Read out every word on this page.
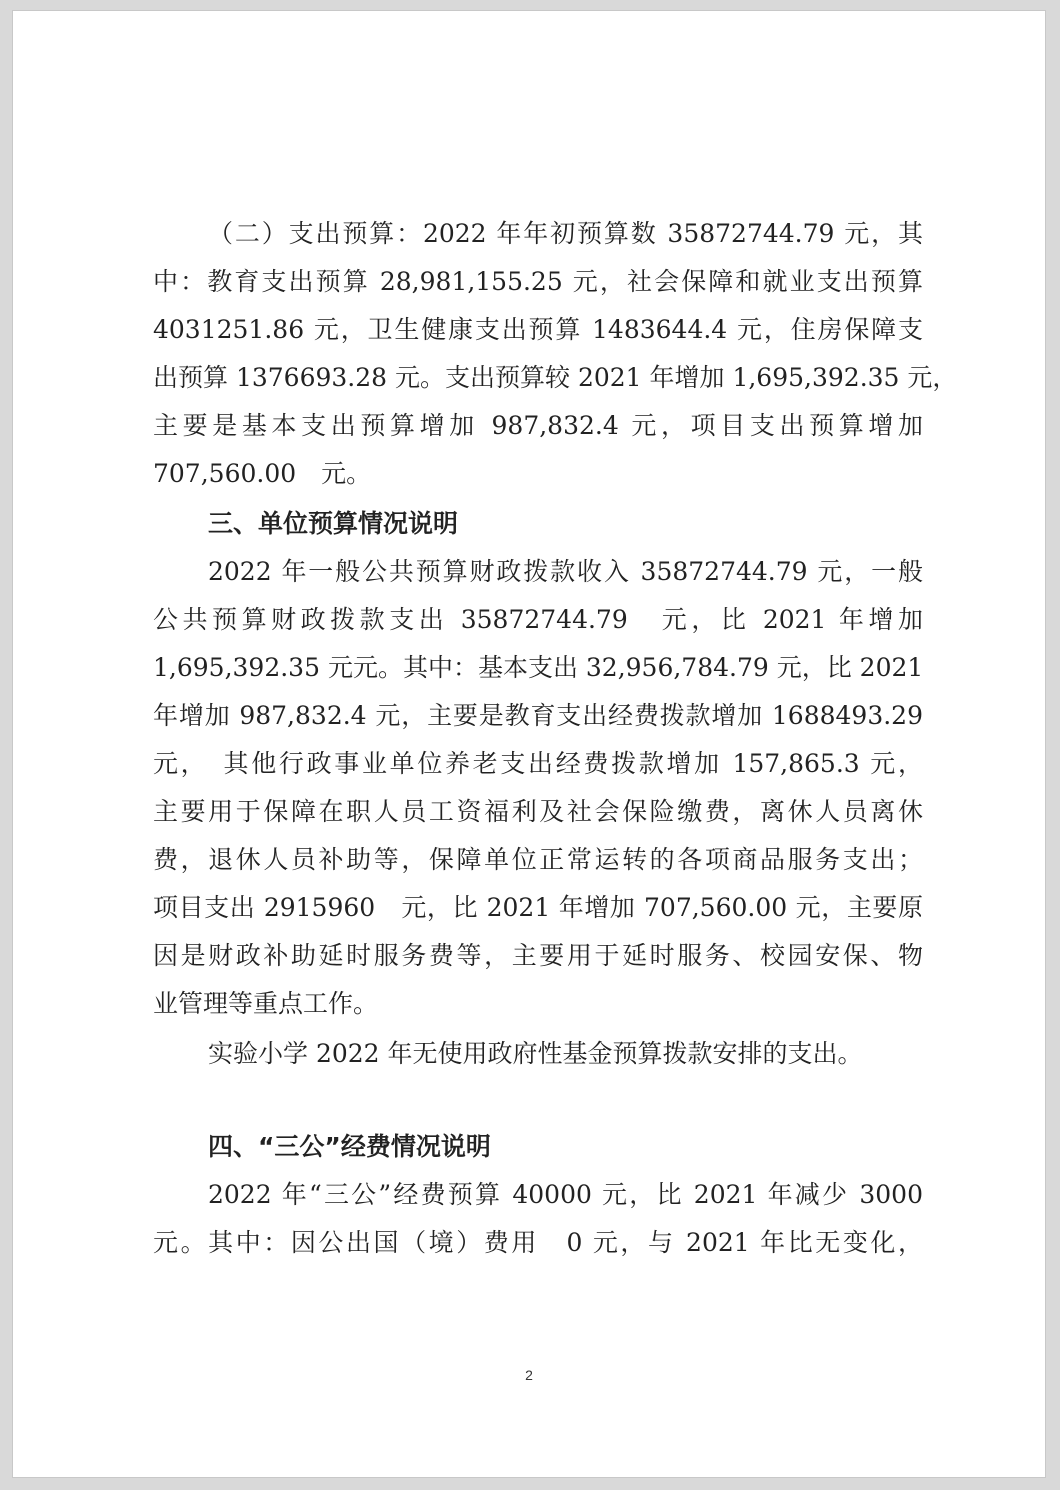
（二）支出预算：2022 年年初预算数 35872744.79 元，其
中：教育支出预算 28,981,155.25 元，社会保障和就业支出预算
4031251.86 元，卫生健康支出预算 1483644.4 元，住房保障支
出预算 1376693.28 元。支出预算较 2021 年增加 1,695,392.35 元，
主要是基本支出预算增加 987,832.4 元，项目支出预算增加
707,560.00　元。
三、单位预算情况说明
2022 年一般公共预算财政拨款收入 35872744.79 元，一般
公共预算财政拨款支出 35872744.79　元，比 2021 年增加
1,695,392.35 元元。其中：基本支出 32,956,784.79 元，比 2021
年增加 987,832.4 元，主要是教育支出经费拨款增加 1688493.29
元，　其他行政事业单位养老支出经费拨款增加 157,865.3 元，
主要用于保障在职人员工资福利及社会保险缴费，离休人员离休
费，退休人员补助等，保障单位正常运转的各项商品服务支出；
项目支出 2915960　元，比 2021 年增加 707,560.00 元，主要原
因是财政补助延时服务费等，主要用于延时服务、校园安保、物
业管理等重点工作。
实验小学 2022 年无使用政府性基金预算拨款安排的支出。
四、“三公”经费情况说明
2022 年“三公”经费预算 40000 元，比 2021 年减少 3000
元。其中：因公出国（境）费用　0 元，与 2021 年比无变化，
2
